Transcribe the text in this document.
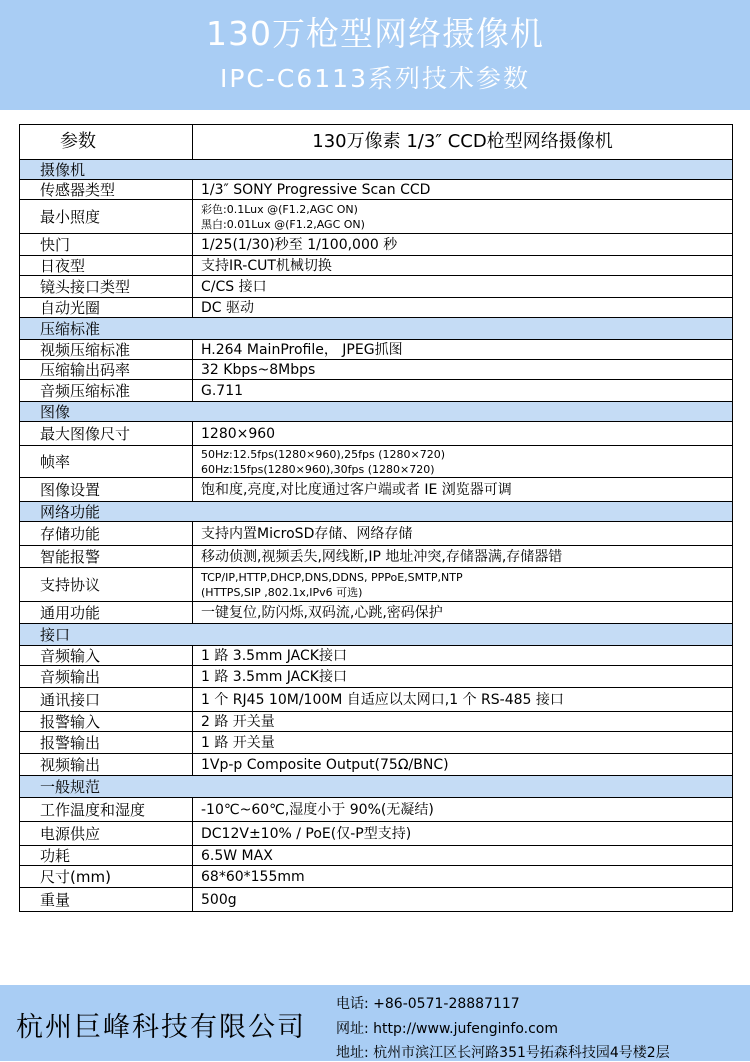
130万枪型网络摄像机
IPC-C6113系列技术参数
参数	130万像素 1/3″ CCD枪型网络摄像机
摄像机	
传感器类型	1/3″ SONY Progressive Scan CCD
最小照度	彩色:0.1Lux @(F1.2,AGC ON)
黑白:0.01Lux @(F1.2,AGC ON)

快门	1/25(1/30)秒至 1/100,000 秒
日夜型	支持IR-CUT机械切换
镜头接口类型	C/CS 接口
自动光圈	DC 驱动
压缩标准	
视频压缩标准	H.264 MainProfile， JPEG抓图
压缩输出码率	32 Kbps~8Mbps
音频压缩标准	G.711
图像	
最大图像尺寸	1280×960
帧率	50Hz:12.5fps(1280×960),25fps (1280×720)
60Hz:15fps(1280×960),30fps (1280×720)

图像设置	饱和度,亮度,对比度通过客户端或者 IE 浏览器可调
网络功能	
存储功能	支持内置MicroSD存储、网络存储
智能报警	移动侦测,视频丢失,网线断,IP 地址冲突,存储器满,存储器错
支持协议	TCP/IP,HTTP,DHCP,DNS,DDNS, PPPoE,SMTP,NTP
(HTTPS,SIP ,802.1x,IPv6 可选)

通用功能	一键复位,防闪烁,双码流,心跳,密码保护
接口	
音频输入	1 路 3.5mm JACK接口
音频输出	1 路 3.5mm JACK接口
通讯接口	1 个 RJ45 10M/100M 自适应以太网口,1 个 RS-485 接口
报警输入	2 路 开关量
报警输出	1 路 开关量
视频输出	1Vp-p Composite Output(75Ω/BNC)
一般规范	
工作温度和湿度	-10℃~60℃,湿度小于 90%(无凝结)
电源供应	DC12V±10% / PoE(仅-P型支持)
功耗	6.5W MAX
尺寸(mm)	68*60*155mm
重量	500g
杭州巨峰科技有限公司
电话: +86-0571-28887117
网址: http://www.jufenginfo.com
地址: 杭州市滨江区长河路351号拓森科技园4号楼2层
